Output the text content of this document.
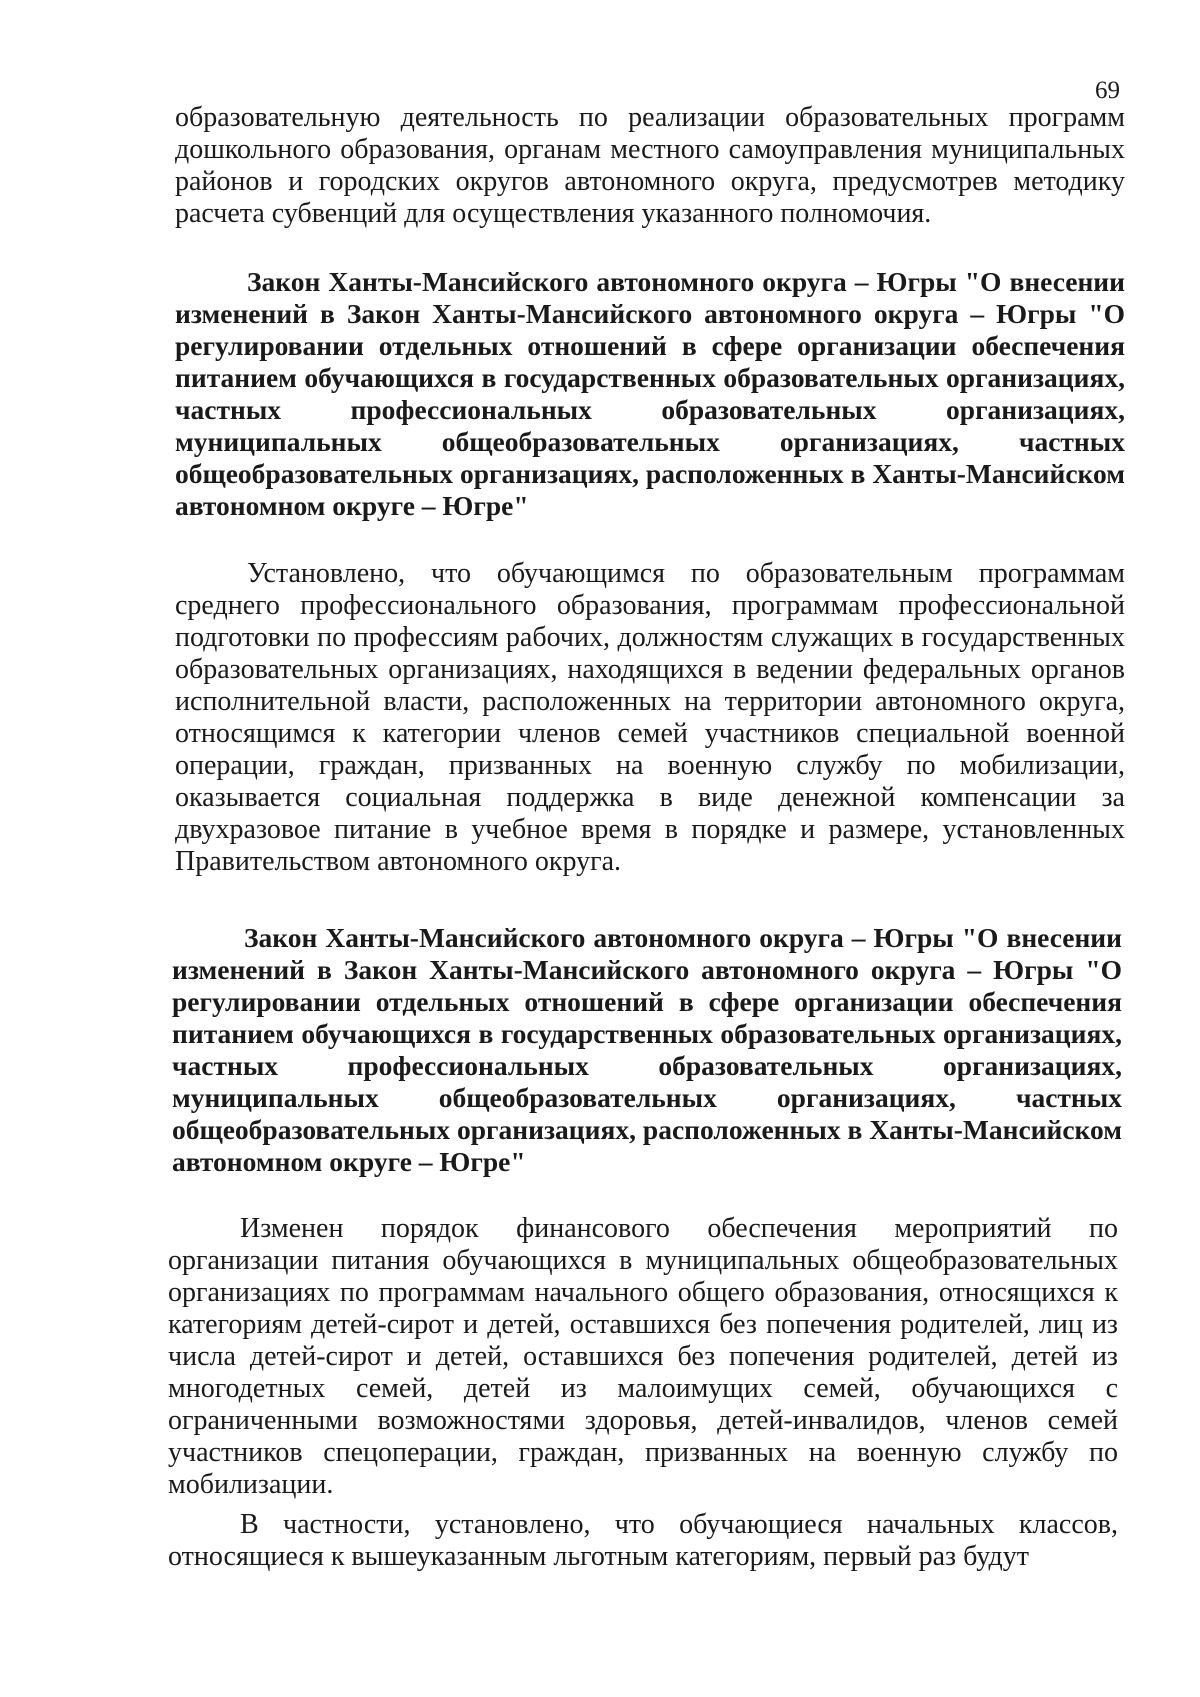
69

образовательную деятельность по реализации образовательных программ дошкольного образования, органам местного самоуправления муниципальных районов и городских округов автономного округа, предусмотрев методику расчета субвенций для осуществления указанного полномочия.

Закон Ханты-Мансийского автономного округа – Югры "О внесении изменений в Закон Ханты-Мансийского автономного округа – Югры "О регулировании отдельных отношений в сфере организации обеспечения питанием обучающихся в государственных образовательных организациях, частных профессиональных образовательных организациях, муниципальных общеобразовательных организациях, частных общеобразовательных организациях, расположенных в Ханты-Мансийском автономном округе – Югре"

Установлено, что обучающимся по образовательным программам среднего профессионального образования, программам профессиональной подготовки по профессиям рабочих, должностям служащих в государственных образовательных организациях, находящихся в ведении федеральных органов исполнительной власти, расположенных на территории автономного округа, относящимся к категории членов семей участников специальной военной операции, граждан, призванных на военную службу по мобилизации, оказывается социальная поддержка в виде денежной компенсации за двухразовое питание в учебное время в порядке и размере, установленных Правительством автономного округа.

Закон Ханты-Мансийского автономного округа – Югры "О внесении изменений в Закон Ханты-Мансийского автономного округа – Югры "О регулировании отдельных отношений в сфере организации обеспечения питанием обучающихся в государственных образовательных организациях, частных профессиональных образовательных организациях, муниципальных общеобразовательных организациях, частных общеобразовательных организациях, расположенных в Ханты-Мансийском автономном округе – Югре"

Изменен порядок финансового обеспечения мероприятий по организации питания обучающихся в муниципальных общеобразовательных организациях по программам начального общего образования, относящихся к категориям детей-сирот и детей, оставшихся без попечения родителей, лиц из числа детей-сирот и детей, оставшихся без попечения родителей, детей из многодетных семей, детей из малоимущих семей, обучающихся с ограниченными возможностями здоровья, детей-инвалидов, членов семей участников спецоперации, граждан, призванных на военную службу по мобилизации.

В частности, установлено, что обучающиеся начальных классов, относящиеся к вышеуказанным льготным категориям, первый раз будут
